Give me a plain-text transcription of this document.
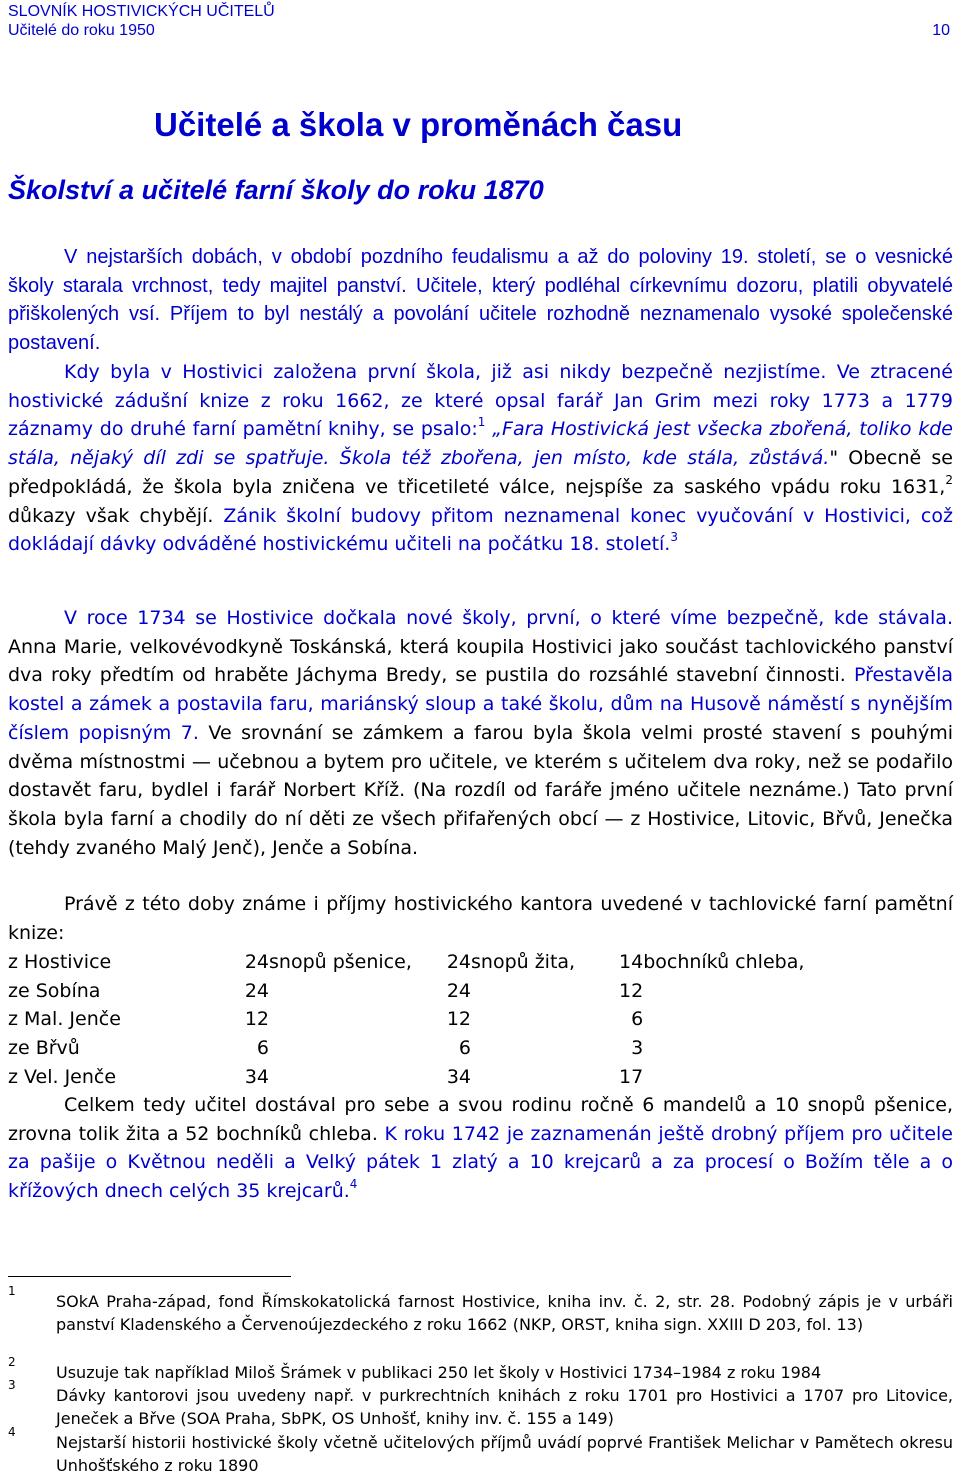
SLOVNÍK HOSTIVICKÝCH UČITELŮ
Učitelé do roku 1950	10
Učitelé a škola v proměnách času
Školství a učitelé farní školy do roku 1870

V nejstarších dobách, v období pozdního feudalismu a až do poloviny 19. století, se o vesnické školy starala vrchnost, tedy majitel panství. Učitele, který podléhal církevnímu dozoru, platili obyvatelé přiškolených vsí. Příjem to byl nestálý a povolání učitele rozhodně neznamenalo vysoké společenské postavení.

Kdy byla v Hostivici založena první škola, již asi nikdy bezpečně nezjistíme. Ve ztracené hostivické zádušní knize z roku 1662, ze které opsal farář Jan Grim mezi roky 1773 a 1779 záznamy do druhé farní pamětní knihy, se psalo:$^1$ „Fara Hostivická jest všecka zbořená, toliko kde stála, nějaký díl zdi se spatřuje. Škola též zbořena, jen místo, kde stála, zůstává." Obecně se předpokládá, že škola byla zničena ve třicetileté válce, nejspíše za saského vpádu roku 1631,$^2$ důkazy však chybějí. Zánik školní budovy přitom neznamenal konec vyučování v Hostivici, což dokládají dávky odváděné hostivickému učiteli na počátku 18. století.$^3$

V roce 1734 se Hostivice dočkala nové školy, první, o které víme bezpečně, kde stávala. Anna Marie, velkovévodkyně Toskánská, která koupila Hostivici jako součást tachlovického panství dva roky předtím od hraběte Jáchyma Bredy, se pustila do rozsáhlé stavební činnosti. Přestavěla kostel a zámek a postavila faru, mariánský sloup a také školu, dům na Husově náměstí s nynějším číslem popisným 7. Ve srovnání se zámkem a farou byla škola velmi prosté stavení s pouhými dvěma místnostmi — učebnou a bytem pro učitele, ve kterém s učitelem dva roky, než se podařilo dostavět faru, bydlel i farář Norbert Kříž. (Na rozdíl od faráře jméno učitele neznáme.) Tato první škola byla farní a chodily do ní děti ze všech přifařených obcí — z Hostivice, Litovic, Břvů, Jenečka (tehdy zvaného Malý Jenč), Jenče a Sobína.

Právě z této doby známe i příjmy hostivického kantora uvedené v tachlovické farní pamětní knize:

z Hostivice	24	snopů pšenice,	24	snopů žita,	14	bochníků chleba,
ze Sobína	24		24		12	
z Mal. Jenče	12		12		6	
ze Břvů	6		6		3	
z Vel. Jenče	34		34		17	

Celkem tedy učitel dostával pro sebe a svou rodinu ročně 6 mandelů a 10 snopů pšenice, zrovna tolik žita a 52 bochníků chleba. K roku 1742 je zaznamenán ještě drobný příjem pro učitele za pašije o Květnou neděli a Velký pátek 1 zlatý a 10 krejcarů a za procesí o Božím těle a o křížových dnech celých 35 krejcarů.$^4$

1
SOkA Praha-západ, fond Římskokatolická farnost Hostivice, kniha inv. č. 2, str. 28. Podobný zápis je v urbáři panství Kladenského a Červenoújezdeckého z roku 1662 (NKP, ORST, kniha sign. XXIII D 203, fol. 13)
2
Usuzuje tak například Miloš Šrámek v publikaci 250 let školy v Hostivici 1734–1984 z roku 1984
3
Dávky kantorovi jsou uvedeny např. v purkrechtních knihách z roku 1701 pro Hostivici a 1707 pro Litovice, Jeneček a Břve (SOA Praha, SbPK, OS Unhošť, knihy inv. č. 155 a 149)
4
Nejstarší historii hostivické školy včetně učitelových příjmů uvádí poprvé František Melichar v Pamětech okresu Unhošťského z roku 1890
